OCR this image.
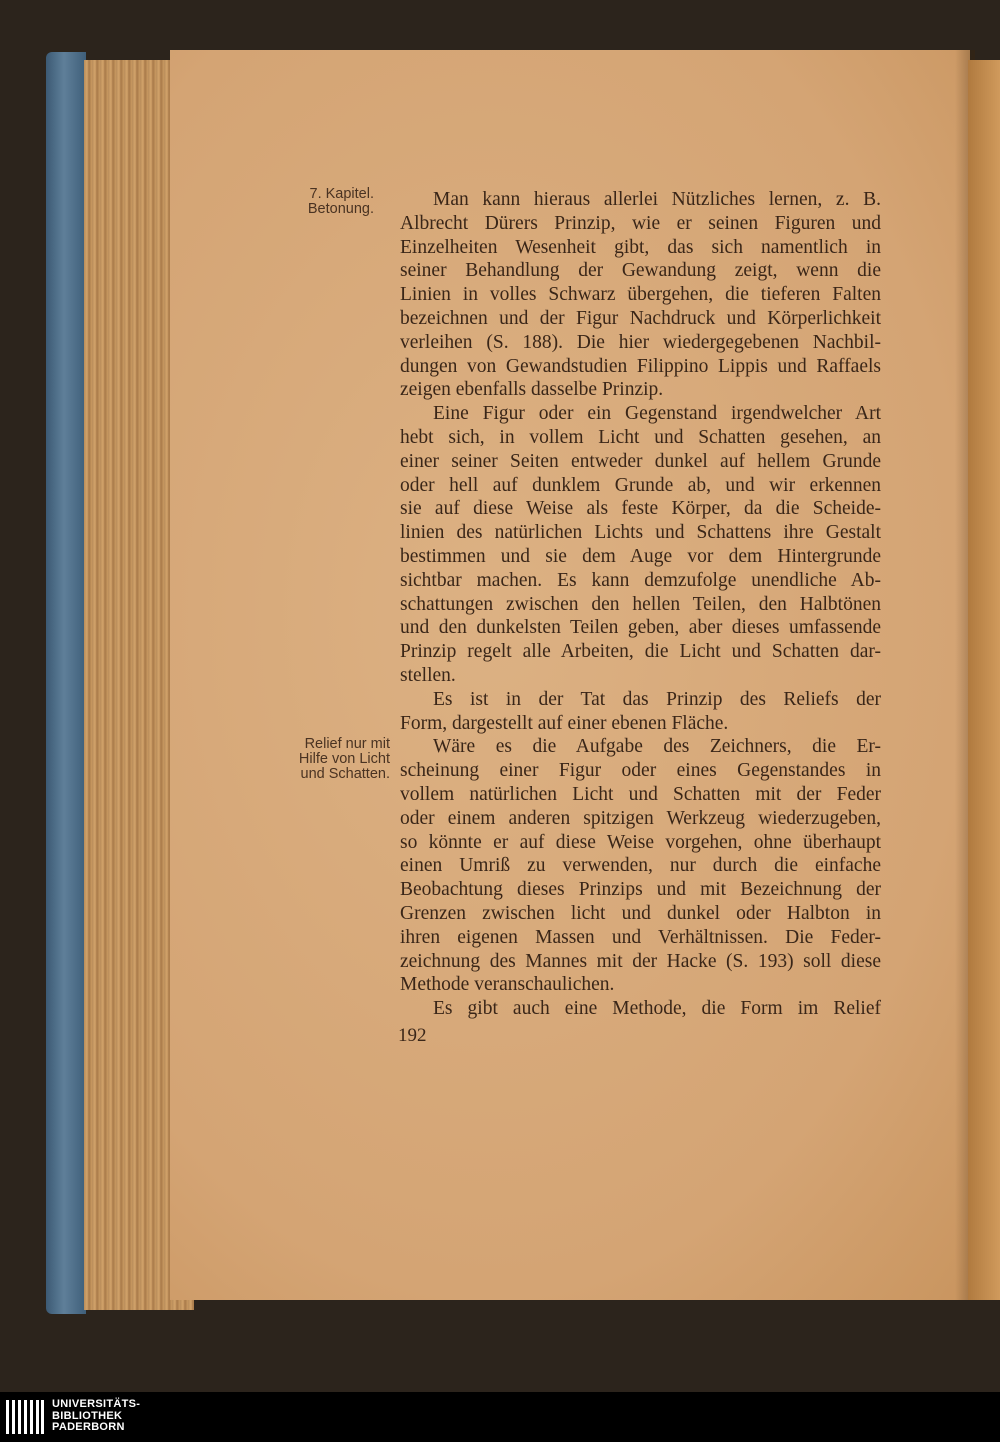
7. Kapitel.
Betonung.
Relief nur mit
Hilfe von Licht
und Schatten.
Man kann hieraus allerlei Nützliches lernen, z. B.
Albrecht Dürers Prinzip, wie er seinen Figuren und
Einzelheiten Wesenheit gibt, das sich namentlich in
seiner Behandlung der Gewandung zeigt, wenn die
Linien in volles Schwarz übergehen, die tieferen Falten
bezeichnen und der Figur Nachdruck und Körperlichkeit
verleihen (S. 188). Die hier wiedergegebenen Nachbil-
dungen von Gewandstudien Filippino Lippis und Raffaels
zeigen ebenfalls dasselbe Prinzip.
Eine Figur oder ein Gegenstand irgendwelcher Art
hebt sich, in vollem Licht und Schatten gesehen, an
einer seiner Seiten entweder dunkel auf hellem Grunde
oder hell auf dunklem Grunde ab, und wir erkennen
sie auf diese Weise als feste Körper, da die Scheide-
linien des natürlichen Lichts und Schattens ihre Gestalt
bestimmen und sie dem Auge vor dem Hintergrunde
sichtbar machen. Es kann demzufolge unendliche Ab-
schattungen zwischen den hellen Teilen, den Halbtönen
und den dunkelsten Teilen geben, aber dieses umfassende
Prinzip regelt alle Arbeiten, die Licht und Schatten dar-
stellen.
Es ist in der Tat das Prinzip des Reliefs der
Form, dargestellt auf einer ebenen Fläche.
Wäre es die Aufgabe des Zeichners, die Er-
scheinung einer Figur oder eines Gegenstandes in
vollem natürlichen Licht und Schatten mit der Feder
oder einem anderen spitzigen Werkzeug wiederzugeben,
so könnte er auf diese Weise vorgehen, ohne überhaupt
einen Umriß zu verwenden, nur durch die einfache
Beobachtung dieses Prinzips und mit Bezeichnung der
Grenzen zwischen licht und dunkel oder Halbton in
ihren eigenen Massen und Verhältnissen. Die Feder-
zeichnung des Mannes mit der Hacke (S. 193) soll diese
Methode veranschaulichen.
Es gibt auch eine Methode, die Form im Relief
192
UNIVERSITÄTS-
BIBLIOTHEK
PADERBORN
